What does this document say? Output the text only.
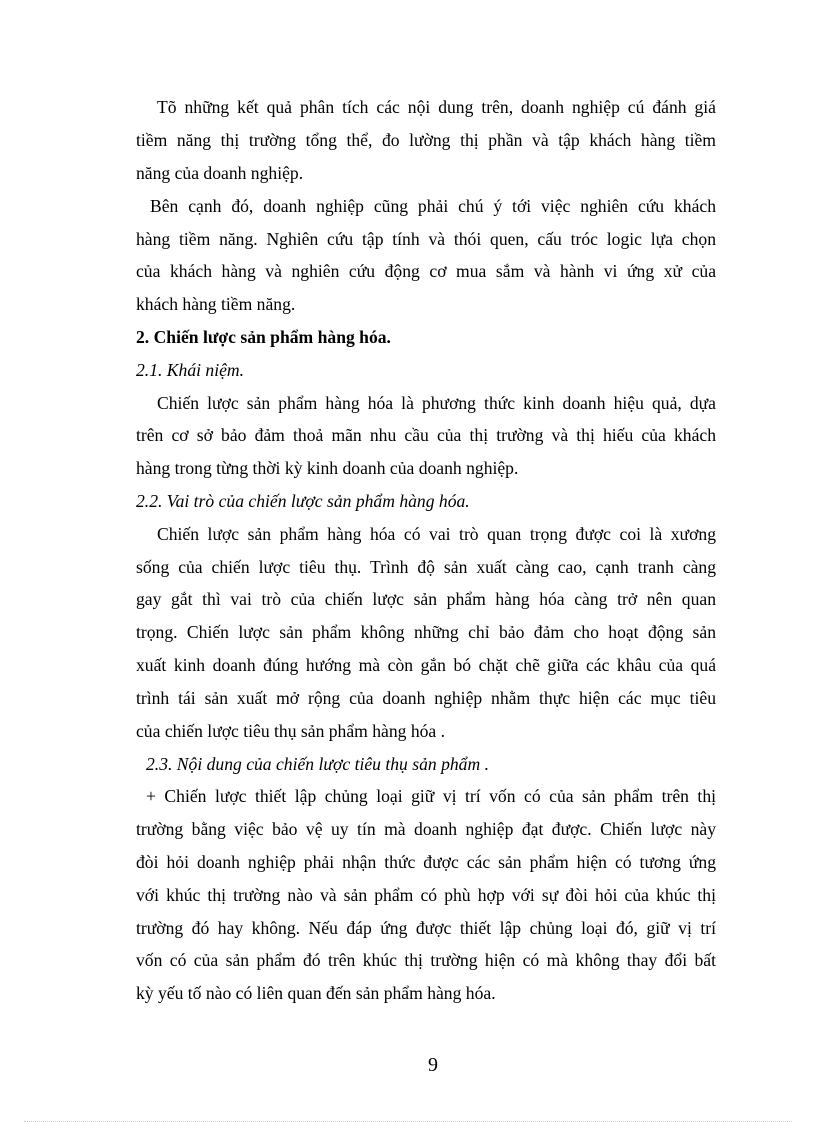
Tõ những kết quả phân tích các nội dung trên, doanh nghiệp cú đánh giá
tiềm năng thị trường tổng thể, đo lường thị phần và tập khách hàng tiềm
năng của doanh nghiệp.
Bên cạnh đó, doanh nghiệp cũng phải chú ý tới việc nghiên cứu khách
hàng tiềm năng. Nghiên cứu tập tính và thói quen, cấu tróc logic lựa chọn
của khách hàng và nghiên cứu động cơ mua sắm và hành vi ứng xử của
khách hàng tiềm năng.
2. Chiến lược sản phẩm hàng hóa.
2.1. Khái niệm.
Chiến lược sản phẩm hàng hóa là phương thức kinh doanh hiệu quả, dựa
trên cơ sở bảo đảm thoả mãn nhu cầu của thị trường và thị hiếu của khách
hàng trong từng thời kỳ kinh doanh của doanh nghiệp.
2.2. Vai trò của chiến lược sản phẩm hàng hóa.
Chiến lược sản phẩm hàng hóa có vai trò quan trọng được coi là xương
sống của chiến lược tiêu thụ. Trình độ sản xuất càng cao, cạnh tranh càng
gay gắt thì vai trò của chiến lược sản phẩm hàng hóa càng trở nên quan
trọng. Chiến lược sản phẩm không những chỉ bảo đảm cho hoạt động sản
xuất kinh doanh đúng hướng mà còn gắn bó chặt chẽ giữa các khâu của quá
trình tái sản xuất mở rộng của doanh nghiệp nhằm thực hiện các mục tiêu
của chiến lược tiêu thụ sản phẩm hàng hóa .
2.3. Nội dung của chiến lược tiêu thụ sản phẩm .
+ Chiến lược thiết lập chủng loại giữ vị trí vốn có của sản phẩm trên thị
trường bằng việc bảo vệ uy tín mà doanh nghiệp đạt được. Chiến lược này
đòi hỏi doanh nghiệp phải nhận thức được các sản phẩm hiện có tương ứng
với khúc thị trường nào và sản phẩm có phù hợp với sự đòi hỏi của khúc thị
trường đó hay không. Nếu đáp ứng được thiết lập chủng loại đó, giữ vị trí
vốn có của sản phẩm đó trên khúc thị trường hiện có mà không thay đổi bất
kỳ yếu tố nào có liên quan đến sản phẩm hàng hóa.
9
